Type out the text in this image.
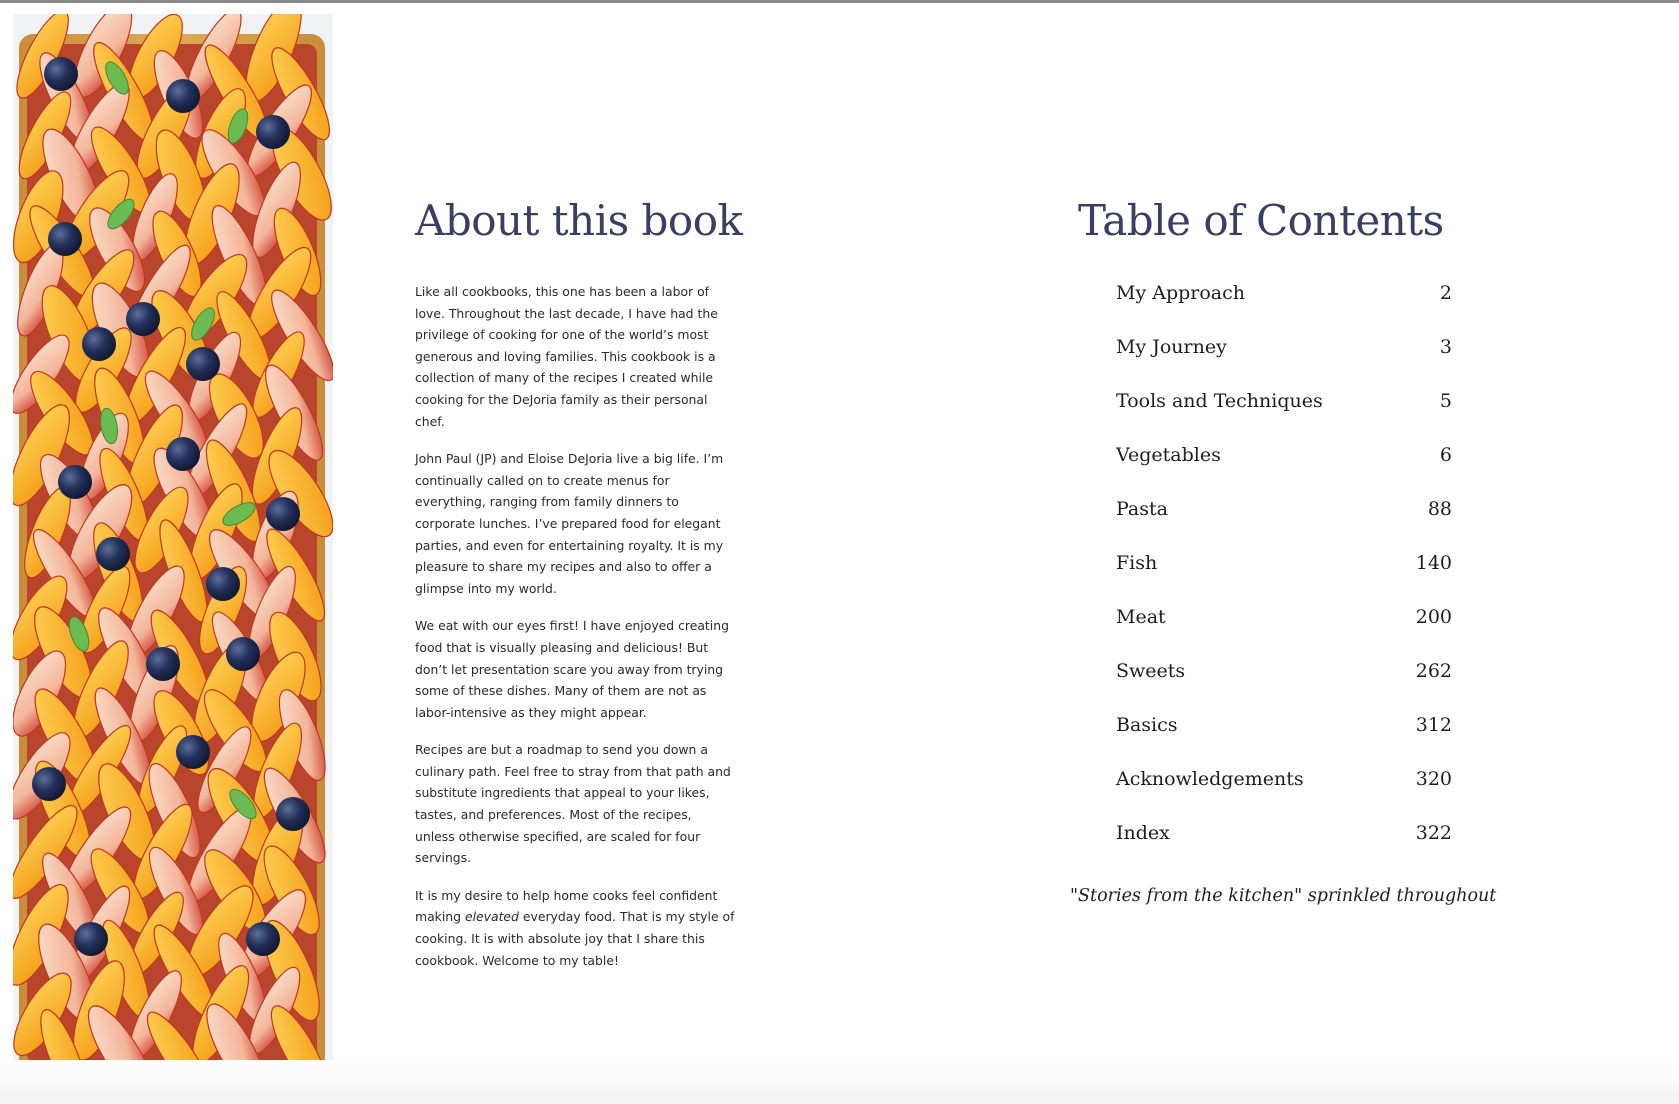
About this book

Like all cookbooks, this one has been a labor of love. Throughout the last decade, I have had the privilege of cooking for one of the world’s most generous and loving families. This cookbook is a collection of many of the recipes I created while cooking for the DeJoria family as their personal chef.

John Paul (JP) and Eloise DeJoria live a big life. I’m continually called on to create menus for everything, ranging from family dinners to corporate lunches. I’ve prepared food for elegant parties, and even for entertaining royalty. It is my pleasure to share my recipes and also to offer a glimpse into my world.

We eat with our eyes first! I have enjoyed creating food that is visually pleasing and delicious! But don’t let presentation scare you away from trying some of these dishes. Many of them are not as labor-intensive as they might appear.

Recipes are but a roadmap to send you down a culinary path. Feel free to stray from that path and substitute ingredients that appeal to your likes, tastes, and preferences. Most of the recipes, unless otherwise specified, are scaled for four servings.

It is my desire to help home cooks feel confident making elevated everyday food. That is my style of cooking. It is with absolute joy that I share this cookbook. Welcome to my table!

Table of Contents
My Approach	2
My Journey	3
Tools and Techniques	5
Vegetables	6
Pasta	88
Fish	140
Meat	200
Sweets	262
Basics	312
Acknowledgements	320
Index	322
"Stories from the kitchen" sprinkled throughout
